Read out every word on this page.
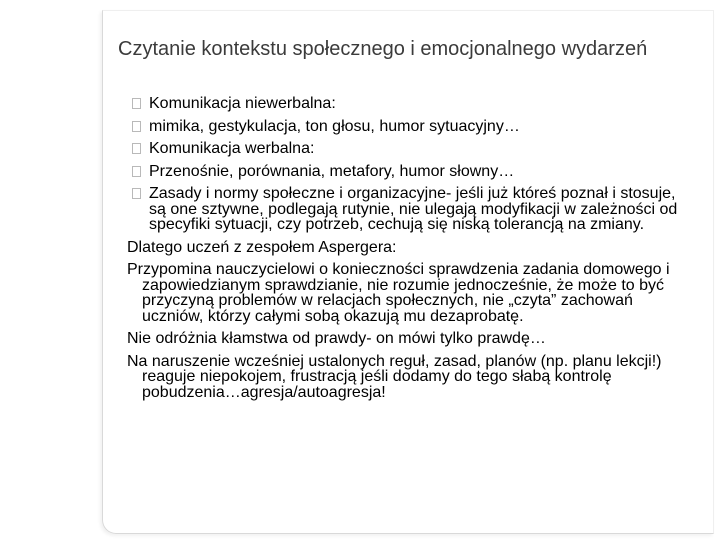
Czytanie kontekstu społecznego i emocjonalnego wydarzeń
Komunikacja niewerbalna:
mimika, gestykulacja, ton głosu, humor sytuacyjny…
Komunikacja werbalna:
Przenośnie, porównania, metafory, humor słowny…
Zasady i normy społeczne i organizacyjne- jeśli już któreś poznał i stosuje, są one sztywne, podlegają rutynie, nie ulegają modyfikacji w zależności od specyfiki sytuacji, czy potrzeb, cechują się niską tolerancją na zmiany.
Dlatego uczeń z zespołem Aspergera:
Przypomina nauczycielowi o konieczności sprawdzenia zadania domowego i zapowiedzianym sprawdzianie, nie rozumie jednocześnie, że może to być przyczyną problemów w relacjach społecznych, nie „czyta” zachowań uczniów, którzy całymi sobą okazują mu dezaprobatę.
Nie odróżnia kłamstwa od prawdy- on mówi tylko prawdę…
Na naruszenie wcześniej ustalonych reguł, zasad, planów (np. planu lekcji!) reaguje niepokojem, frustracją jeśli dodamy do tego słabą kontrolę pobudzenia…agresja/autoagresja!
